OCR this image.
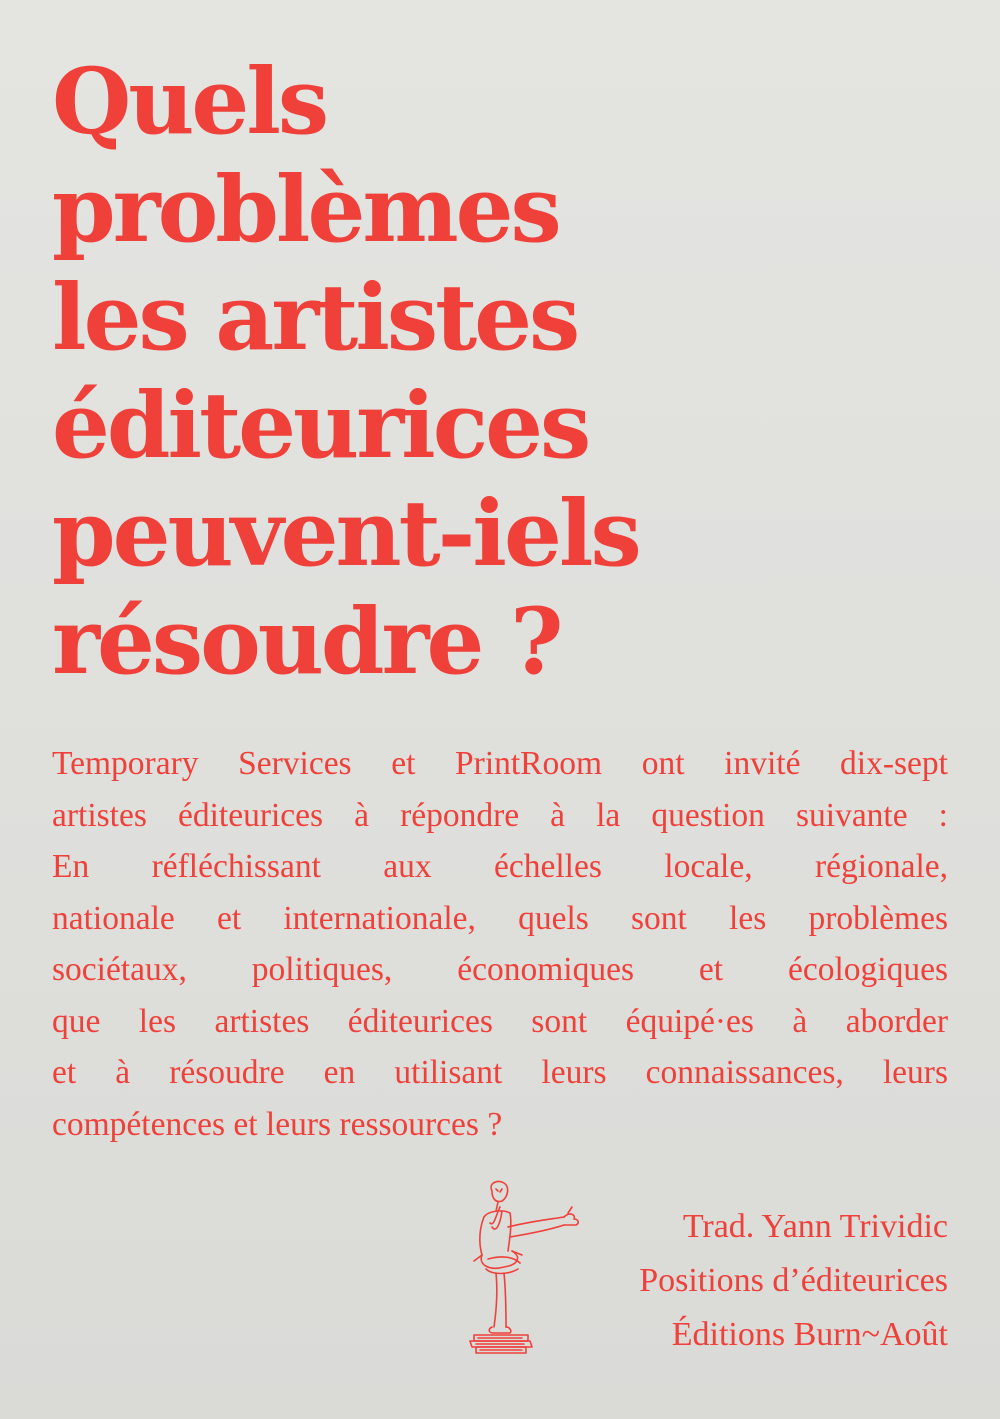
Quels
problèmes
les artistes
éditeurices
peuvent-iels
résoudre ?
Temporary Services et PrintRoom ont invité dix-sept
artistes éditeurices à répondre à la question suivante :
En réfléchissant aux échelles locale, régionale,
nationale et internationale, quels sont les problèmes
sociétaux, politiques, économiques et écologiques
que les artistes éditeurices sont équipé·es à aborder
et à résoudre en utilisant leurs connaissances, leurs
compétences et leurs ressources ?
Trad. Yann Trividic
Positions d’éditeurices
Éditions Burn~Août
